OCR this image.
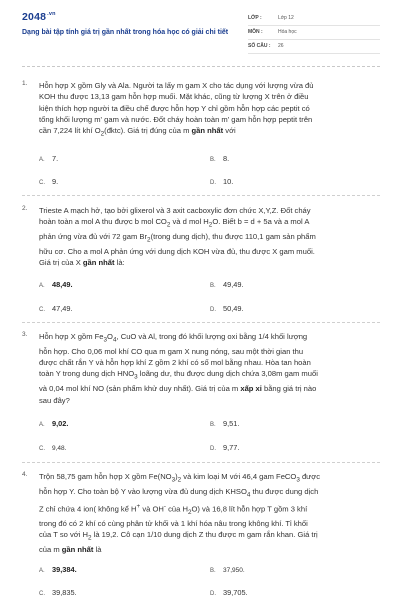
$2048^{.vn}$
Dạng bài tập tính giá trị gần nhất trong hóa học có giải chi tiết
LỚP :	Lớp 12
MÔN :	Hóa học
SỐ CÂU : 26
1. Hỗn hợp X gồm Gly và Ala. Người ta lấy m gam X cho tác dụng với lượng vừa đủ
KOH thu được 13,13 gam hỗn hợp muối. Mặt khác, cũng từ lượng X trên ở điều
kiện thích hợp người ta điều chế được hỗn hợp Y chỉ gồm hỗn hợp các peptit có
tổng khối lượng m' gam và nước. Đốt cháy hoàn toàn m' gam hỗn hợp peptit trên
cần 7,224 lít khí $O_2(đktc)$. Giá trị đúng của m gần nhất với
A. 7.	B. 8.
C. 9.	D. 10.
2. Trieste A mạch hở, tạo bởi glixerol và 3 axit cacboxylic đơn chức X,Y,Z. Đốt cháy
hoàn toàn a mol A thu được b mol $CO_2$ và d mol $H_2O$. Biết b = d + 5a và a mol A
phản ứng vừa đủ với 72 gam $Br_2(trong$ dung dịch), thu được 110,1 gam sản phẩm
hữu cơ. Cho a mol A phản ứng với dung dịch KOH vừa đủ, thu được X gam muối.
Giá trị của X gần nhất là:
A. 48,49.	B. 49,49.
C. 47,49.	D. 50,49.
3. Hỗn hợp X gồm $Fe_3O_4$, CuO và Al, trong đó khối lượng oxi bằng 1/4 khối lượng
hỗn hợp. Cho 0,06 mol khí CO qua m gam X nung nóng, sau một thời gian thu
được chất rắn Y và hỗn hợp khí Z gồm 2 khí có số mol bằng nhau. Hòa tan hoàn
toàn Y trong dung dịch $HNO_3$ loãng dư, thu được dung dịch chứa 3,08m gam muối
và 0,04 mol khí NO (sản phẩm khử duy nhất). Giá trị của m xấp xỉ bằng giá trị nào
sau đây?
A. 9,02.	B. 9,51.
C. 9,48.	D. 9,77.
4. Trộn 58,75 gam hỗn hợp X gồm $Fe(NO_3)_2$ và kim loại M với 46,4 gam FeCO$_3$ được
hỗn hợp Y. Cho toàn bộ Y vào lượng vừa đủ dung dịch $KHSO_4$ thu được dung dịch
Z chỉ chứa 4 ion( không kể H+ và OH- của $H_2O$) và 16,8 lít hỗn hợp T gồm 3 khí
trong đó có 2 khí có cùng phân tử khối và 1 khí hóa nâu trong không khí. Tỉ khối
của T so với $H_2$ là 19,2. Cô cạn 1/10 dung dịch Z thu được m gam rắn khan. Giá trị
của m gần nhất là
A. 39,384.	B. 37,950.
C. 39,835.	D. 39,705.
